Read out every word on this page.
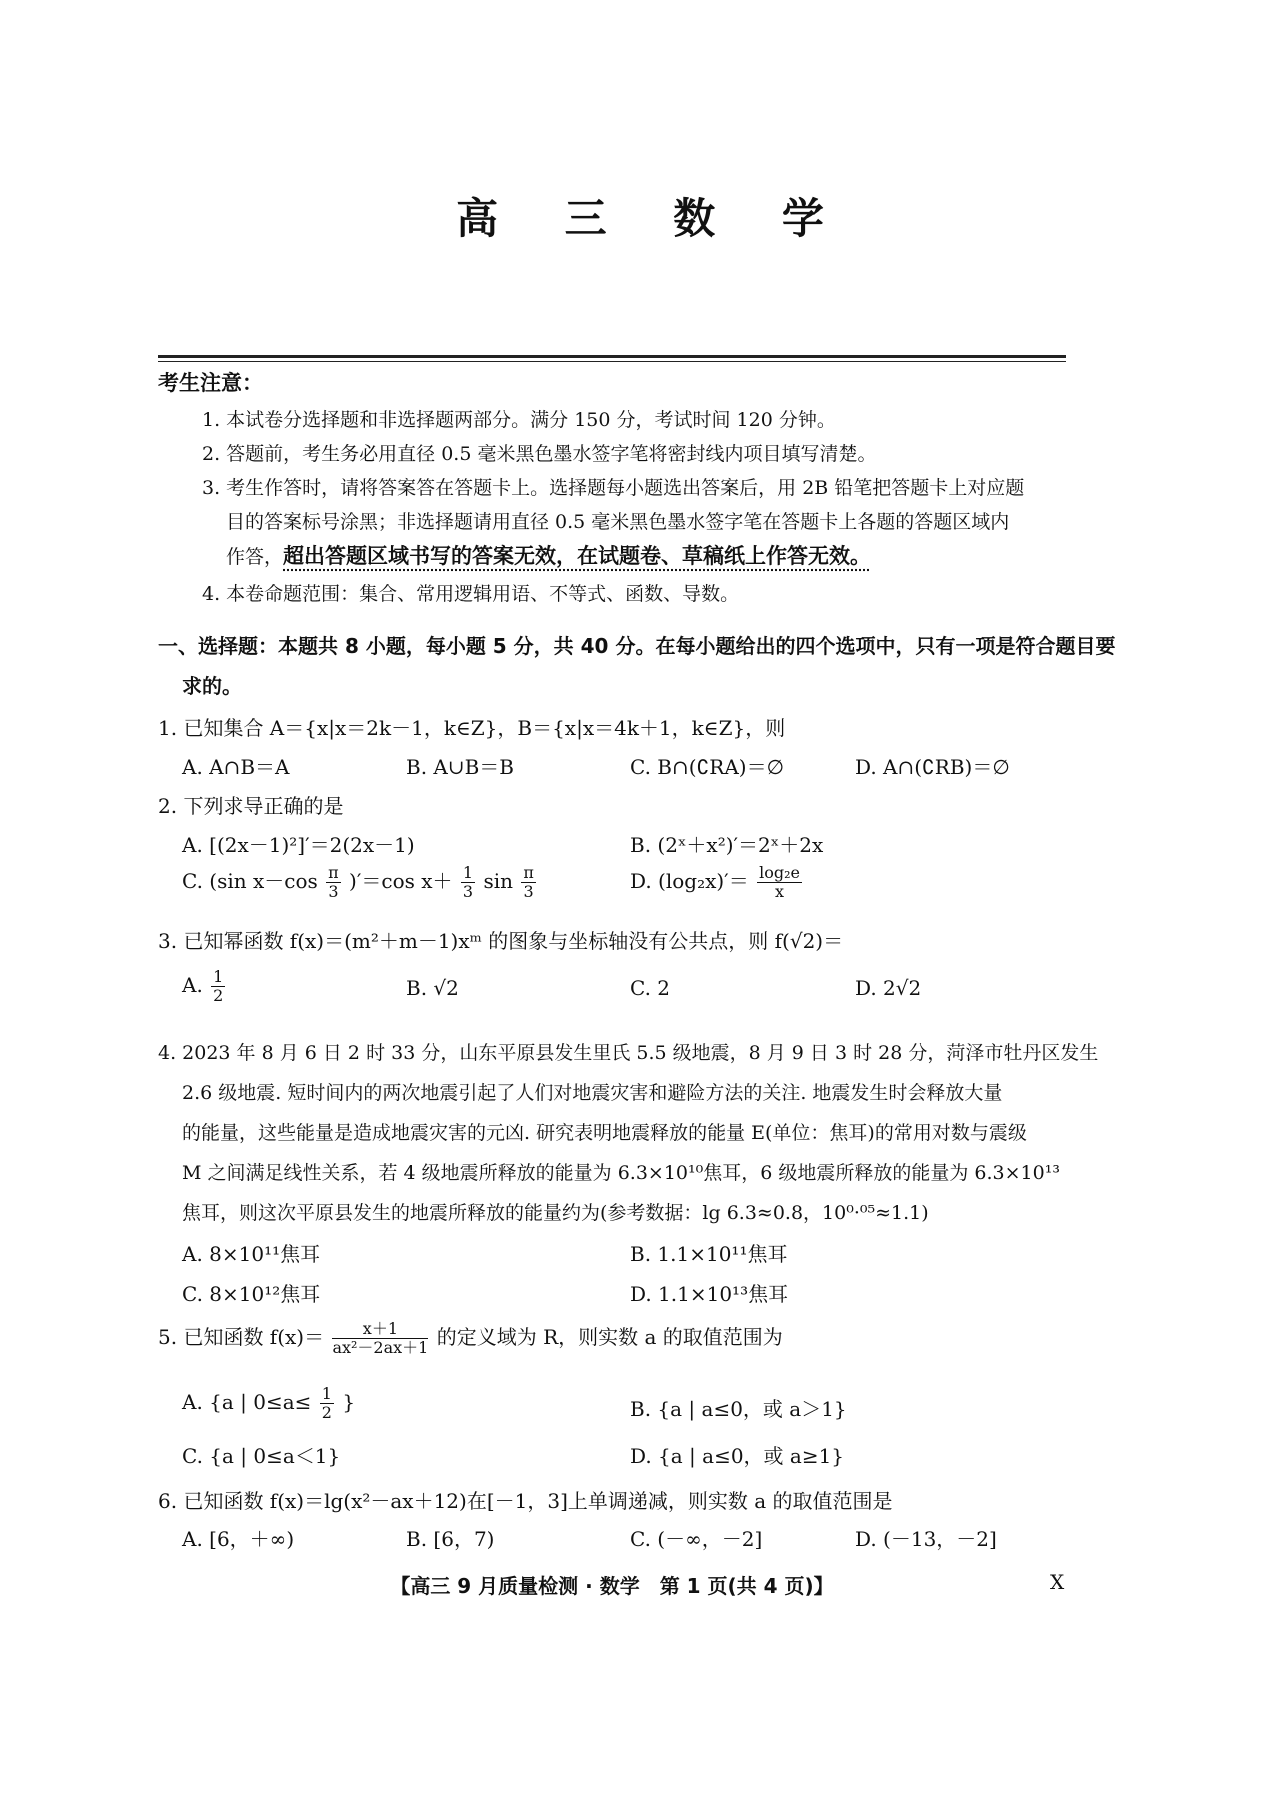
高 三 数 学
考生注意：
1. 本试卷分选择题和非选择题两部分。满分 150 分，考试时间 120 分钟。
2. 答题前，考生务必用直径 0.5 毫米黑色墨水签字笔将密封线内项目填写清楚。
3. 考生作答时，请将答案答在答题卡上。选择题每小题选出答案后，用 2B 铅笔把答题卡上对应题
目的答案标号涂黑；非选择题请用直径 0.5 毫米黑色墨水签字笔在答题卡上各题的答题区域内
作答，超出答题区域书写的答案无效，在试题卷、草稿纸上作答无效。
4. 本卷命题范围：集合、常用逻辑用语、不等式、函数、导数。
一、选择题：本题共 8 小题，每小题 5 分，共 40 分。在每小题给出的四个选项中，只有一项是符合题目要
求的。
1. 已知集合 A＝{x|x＝2k－1，k∈Z}，B＝{x|x＝4k＋1，k∈Z}，则
A. A∩B＝A	B. A∪B＝B	C. B∩(∁RA)＝∅	D. A∩(∁RB)＝∅
2. 下列求导正确的是
A. [(2x－1)²]′＝2(2x－1)	B. (2ˣ＋x²)′＝2ˣ＋2x
C. (sin $x-\cos \frac{\pi}{3} )'=\cos$ $x+ \frac{1}{3}$ $\sin \frac{\pi}{3}$	D. $(\log_2x)'= \frac{\text{log₂e}}{x}$
3. 已知幂函数 f(x)＝(m²＋m－1)xᵐ 的图象与坐标轴没有公共点，则 f(√2)＝
A. $\frac{1}{2}$	B. √2	C. 2	D. 2√2
4. 2023 年 8 月 6 日 2 时 33 分，山东平原县发生里氏 5.5 级地震，8 月 9 日 3 时 28 分，菏泽市牡丹区发生
2.6 级地震. 短时间内的两次地震引起了人们对地震灾害和避险方法的关注. 地震发生时会释放大量
的能量，这些能量是造成地震灾害的元凶. 研究表明地震释放的能量 E(单位：焦耳)的常用对数与震级
M 之间满足线性关系，若 4 级地震所释放的能量为 6.3×10¹⁰焦耳，6 级地震所释放的能量为 6.3×10¹³
焦耳，则这次平原县发生的地震所释放的能量约为(参考数据：lg 6.3≈0.8，10⁰·⁰⁵≈1.1)
A. 8×10¹¹焦耳	B. 1.1×10¹¹焦耳
C. 8×10¹²焦耳	D. 1.1×10¹³焦耳
5. 已知函数 $f(x)= \frac{x+1}{\text{ax²－2ax＋1}}$ 的定义域为 R，则实数 a 的取值范围为
A. {a | $0\le a\le \frac{1}{2}$ }	B. {a | a≤0，或 a＞1}
C. {a | 0≤a＜1}	D. {a | a≤0，或 a≥1}
6. 已知函数 f(x)＝lg(x²－ax＋12)在[－1，3]上单调递减，则实数 a 的取值范围是
A. [6，＋∞)	B. [6，7)	C. (－∞，－2]	D. (－13，－2]
【高三 9 月质量检测 · 数学　第 1 页(共 4 页)】	X
